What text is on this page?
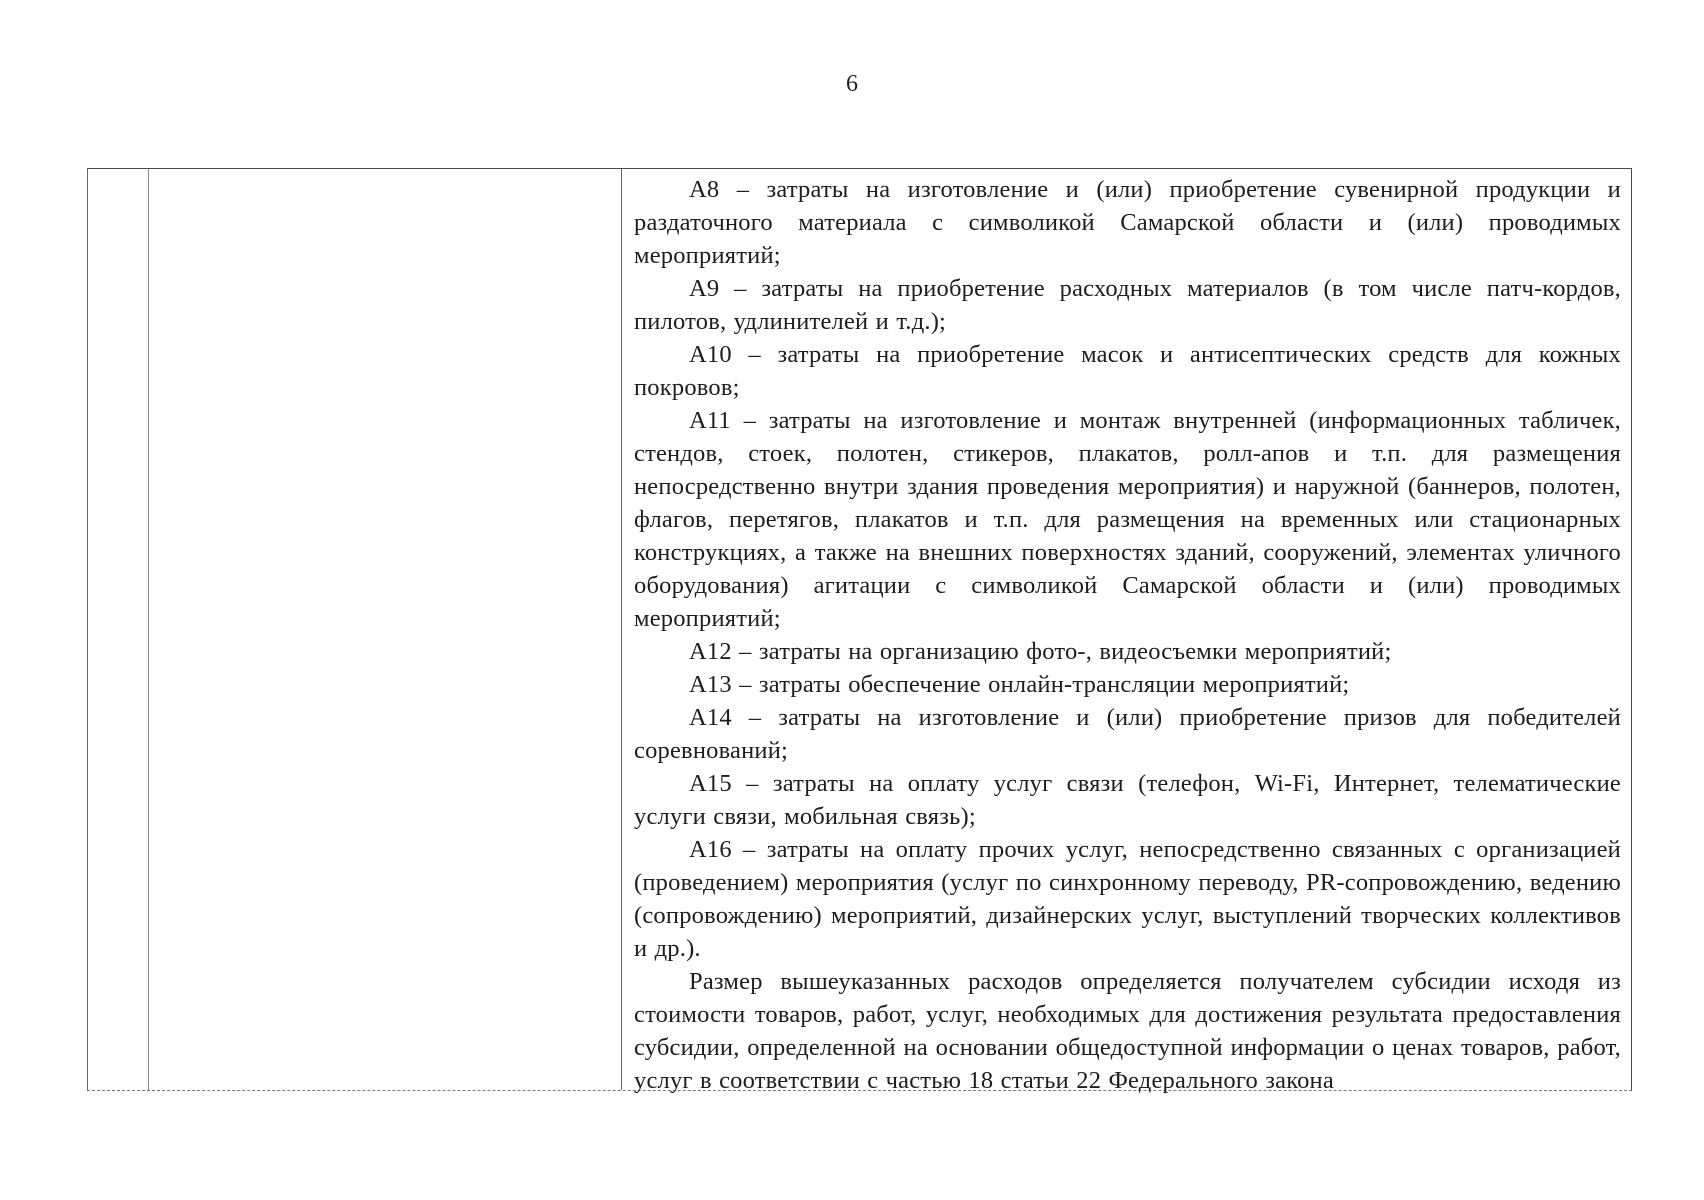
6

А8 – затраты на изготовление и (или) приобретение сувенирной продукции и раздаточного материала с символикой Самарской области и (или) проводимых мероприятий;

А9 – затраты на приобретение расходных материалов (в том числе патч-кордов, пилотов, удлинителей и т.д.);

А10 – затраты на приобретение масок и антисептических средств для кожных покровов;

А11 – затраты на изготовление и монтаж внутренней (информационных табличек, стендов, стоек, полотен, стикеров, плакатов, ролл-апов и т.п. для размещения непосредственно внутри здания проведения мероприятия) и наружной (баннеров, полотен, флагов, перетягов, плакатов и т.п. для размещения на временных или стационарных конструкциях, а также на внешних поверхностях зданий, сооружений, элементах уличного оборудования) агитации с символикой Самарской области и (или) проводимых мероприятий;

А12 – затраты на организацию фото-, видеосъемки мероприятий;

А13 – затраты обеспечение онлайн-трансляции мероприятий;

А14 – затраты на изготовление и (или) приобретение призов для победителей соревнований;

А15 – затраты на оплату услуг связи (телефон, Wi-Fi, Интернет, телематические услуги связи, мобильная связь);

А16 – затраты на оплату прочих услуг, непосредственно связанных с организацией (проведением) мероприятия (услуг по синхронному переводу, PR-сопровождению, ведению (сопровождению) мероприятий, дизайнерских услуг, выступлений творческих коллективов и др.).

Размер вышеуказанных расходов определяется получателем субсидии исходя из стоимости товаров, работ, услуг, необходимых для достижения результата предоставления субсидии, определенной на основании общедоступной информации о ценах товаров, работ, услуг в соответствии с частью 18 статьи 22 Федерального закона
